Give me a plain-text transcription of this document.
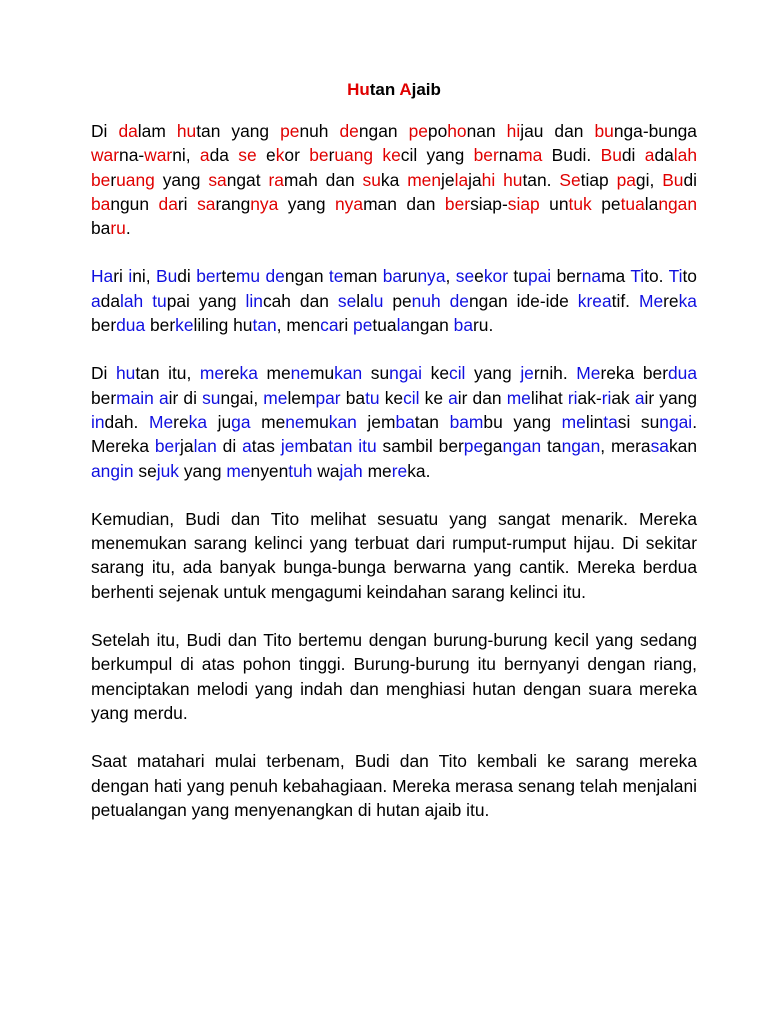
Hutan Ajaib
Di dalam hutan yang penuh dengan pepohonan hijau dan bunga-bunga warna-warni, ada se ekor beruang kecil yang bernama Budi. Budi adalah beruang yang sangat ramah dan suka menjelajahi hutan. Setiap pagi, Budi bangun dari sarangnya yang nyaman dan bersiap-siap untuk petualangan baru.
Hari ini, Budi bertemu dengan teman barunya, seekor tupai bernama Tito. Tito adalah tupai yang lincah dan selalu penuh dengan ide-ide kreatif. Mereka berdua berkeliling hutan, mencari petualangan baru.
Di hutan itu, mereka menemukan sungai kecil yang jernih. Mereka berdua bermain air di sungai, melempar batu kecil ke air dan melihat riak-riak air yang indah. Mereka juga menemukan jembatan bambu yang melintasi sungai. Mereka berjalan di atas jembatan itu sambil berpegangan tangan, merasakan angin sejuk yang menyentuh wajah mereka.
Kemudian, Budi dan Tito melihat sesuatu yang sangat menarik. Mereka menemukan sarang kelinci yang terbuat dari rumput-rumput hijau. Di sekitar sarang itu, ada banyak bunga-bunga berwarna yang cantik. Mereka berdua berhenti sejenak untuk mengagumi keindahan sarang kelinci itu.
Setelah itu, Budi dan Tito bertemu dengan burung-burung kecil yang sedang berkumpul di atas pohon tinggi. Burung-burung itu bernyanyi dengan riang, menciptakan melodi yang indah dan menghiasi hutan dengan suara mereka yang merdu.
Saat matahari mulai terbenam, Budi dan Tito kembali ke sarang mereka dengan hati yang penuh kebahagiaan. Mereka merasa senang telah menjalani petualangan yang menyenangkan di hutan ajaib itu.
